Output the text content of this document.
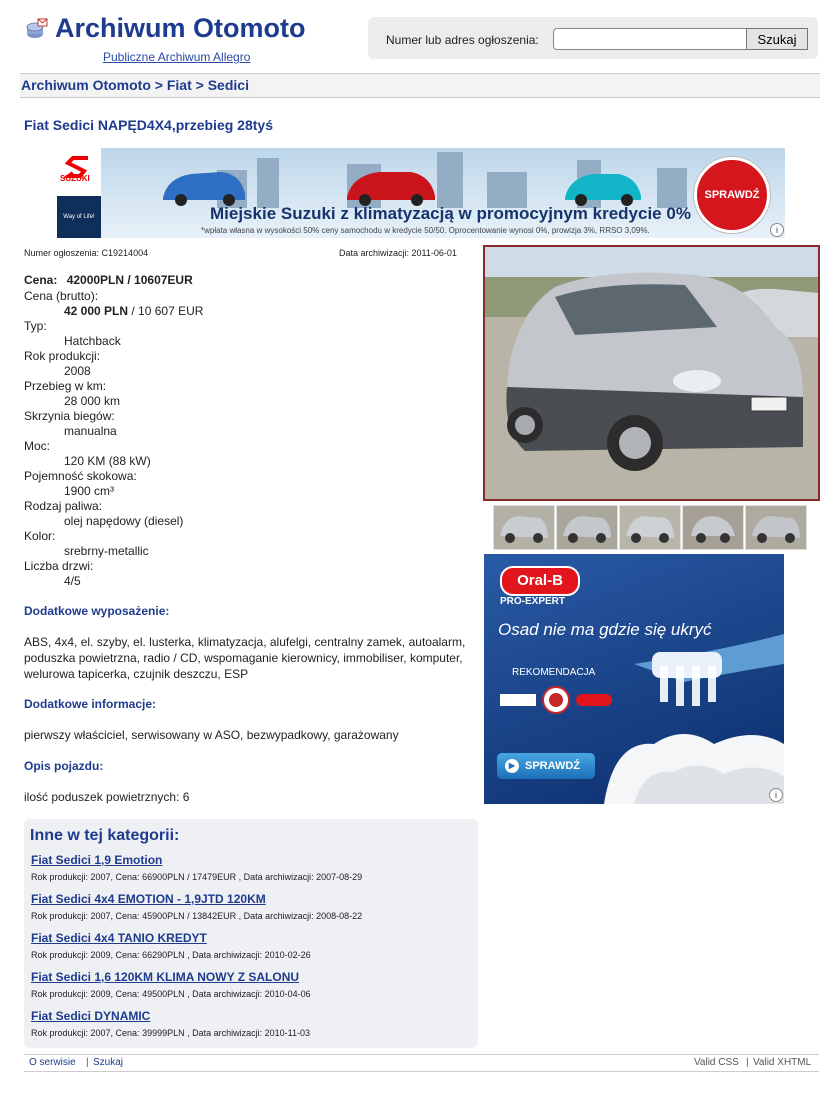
Archiwum Otomoto
Publiczne Archiwum Allegro
Numer lub adres ogłoszenia:	Szukaj
Archiwum Otomoto > Fiat > Sedici
Fiat Sedici NAPĘD4X4,przebieg 28tyś
SUZUKI
Way of Life!	Miejskie Suzuki z klimatyzacją w promocyjnym kredycie 0%
*wpłata własna w wysokości 50% ceny samochodu w kredycie 50/50. Oprocentowanie wynosi 0%, prowizja 3%, RRSO 3,09%.
SPRAWDŹ
i
Numer ogłoszenia: C19214004	Data archiwizacji: 2011-06-01
Cena: 42000PLN / 10607EUR
Cena (brutto):
42 000 PLN / 10 607 EUR
Typ:
Hatchback
Rok produkcji:
2008
Przebieg w km:
28 000 km
Skrzynia biegów:
manualna
Moc:
120 KM (88 kW)
Pojemność skokowa:
1900 cm³
Rodzaj paliwa:
olej napędowy (diesel)
Kolor:
srebrny-metallic
Liczba drzwi:
4/5
Dodatkowe wyposażenie:
ABS, 4x4, el. szyby, el. lusterka, klimatyzacja, alufelgi, centralny zamek, autoalarm, poduszka powietrzna, radio / CD, wspomaganie kierownicy, immobiliser, komputer, welurowa tapicerka, czujnik deszczu, ESP
Dodatkowe informacje:
pierwszy właściciel, serwisowany w ASO, bezwypadkowy, garażowany
Opis pojazdu:
ilość poduszek powietrznych: 6
Oral-B
PRO-EXPERT
Osad nie ma gdzie się ukryć
REKOMENDACJA
▶ SPRAWDŹ
i
Inne w tej kategorii:
Fiat Sedici 1,9 Emotion
Rok produkcji: 2007, Cena: 66900PLN / 17479EUR , Data archiwizacji: 2007-08-29
Fiat Sedici 4x4 EMOTION - 1,9JTD 120KM
Rok produkcji: 2007, Cena: 45900PLN / 13842EUR , Data archiwizacji: 2008-08-22
Fiat Sedici 4x4 TANIO KREDYT
Rok produkcji: 2009, Cena: 66290PLN , Data archiwizacji: 2010-02-26
Fiat Sedici 1,6 120KM KLIMA NOWY Z SALONU
Rok produkcji: 2009, Cena: 49500PLN , Data archiwizacji: 2010-04-06
Fiat Sedici DYNAMIC
Rok produkcji: 2007, Cena: 39999PLN , Data archiwizacji: 2010-11-03
O serwisie | Szukaj	Valid CSS | Valid XHTML
